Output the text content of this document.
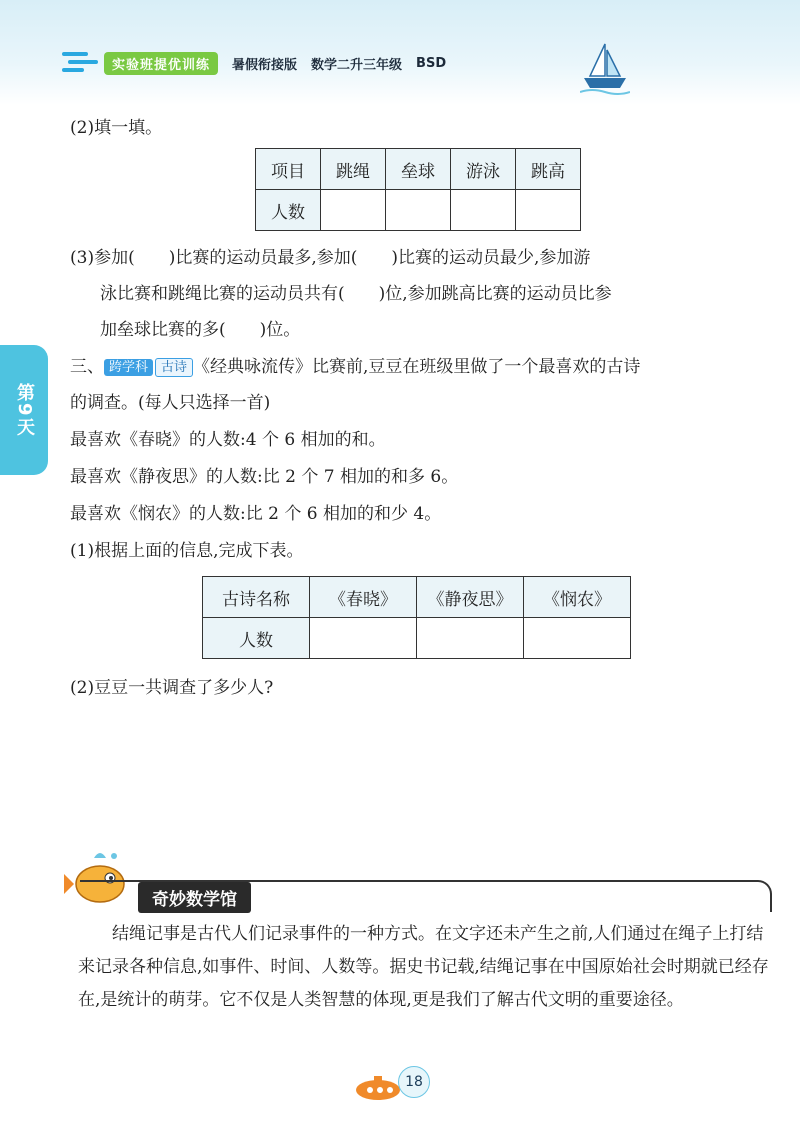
实验班提优训练	暑假衔接版 数学二升三年级 BSD
第9天
(2)填一填。
项目	跳绳	垒球	游泳	跳高
人数				
(3)参加(　　)比赛的运动员最多,参加(　　)比赛的运动员最少,参加游
泳比赛和跳绳比赛的运动员共有(　　)位,参加跳高比赛的运动员比参
加垒球比赛的多(　　)位。
三、 跨学科 古诗 《经典咏流传》比赛前,豆豆在班级里做了一个最喜欢的古诗
的调查。(每人只选择一首)
最喜欢《春晓》的人数:4 个 6 相加的和。
最喜欢《静夜思》的人数:比 2 个 7 相加的和多 6。
最喜欢《悯农》的人数:比 2 个 6 相加的和少 4。
(1)根据上面的信息,完成下表。
古诗名称	《春晓》	《静夜思》	《悯农》
人数			
(2)豆豆一共调查了多少人?
奇妙数学馆
结绳记事是古代人们记录事件的一种方式。在文字还未产生之前,人们通过在绳子上打结来记录各种信息,如事件、时间、人数等。据史书记载,结绳记事在中国原始社会时期就已经存在,是统计的萌芽。它不仅是人类智慧的体现,更是我们了解古代文明的重要途径。
18
